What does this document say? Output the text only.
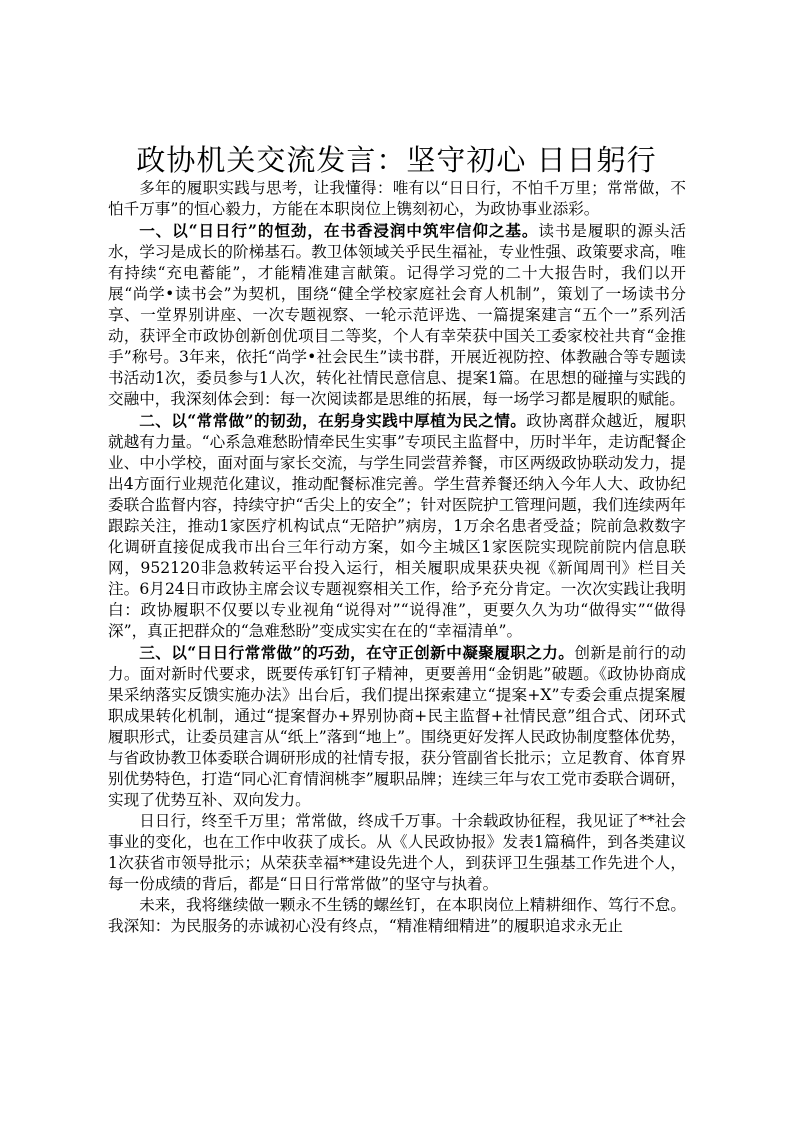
政协机关交流发言：坚守初心 日日躬行

多年的履职实践与思考，让我懂得：唯有以“日日行，不怕千万里；常常做，不怕千万事”的恒心毅力，方能在本职岗位上镌刻初心，为政协事业添彩。

一、以“日日行”的恒劲，在书香浸润中筑牢信仰之基。读书是履职的源头活水，学习是成长的阶梯基石。教卫体领域关乎民生福祉，专业性强、政策要求高，唯有持续“充电蓄能”，才能精准建言献策。记得学习党的二十大报告时，我们以开展“尚学•读书会”为契机，围绕“健全学校家庭社会育人机制”，策划了一场读书分享、一堂界别讲座、一次专题视察、一轮示范评选、一篇提案建言“五个一”系列活动，获评全市政协创新创优项目二等奖，个人有幸荣获中国关工委家校社共育“金推手”称号。3年来，依托“尚学•社会民生”读书群，开展近视防控、体教融合等专题读书活动1次，委员参与1人次，转化社情民意信息、提案1篇。在思想的碰撞与实践的交融中，我深刻体会到：每一次阅读都是思维的拓展，每一场学习都是履职的赋能。

二、以“常常做”的韧劲，在躬身实践中厚植为民之情。政协离群众越近，履职就越有力量。“心系急难愁盼情牵民生实事”专项民主监督中，历时半年，走访配餐企业、中小学校，面对面与家长交流，与学生同尝营养餐，市区两级政协联动发力，提出4方面行业规范化建议，推动配餐标准完善。学生营养餐还纳入今年人大、政协纪委联合监督内容，持续守护“舌尖上的安全”；针对医院护工管理问题，我们连续两年跟踪关注，推动1家医疗机构试点“无陪护”病房，1万余名患者受益；院前急救数字化调研直接促成我市出台三年行动方案，如今主城区1家医院实现院前院内信息联网，952120非急救转运平台投入运行，相关履职成果获央视《新闻周刊》栏目关注。6月24日市政协主席会议专题视察相关工作，给予充分肯定。一次次实践让我明白：政协履职不仅要以专业视角“说得对”“说得准”，更要久久为功“做得实”“做得深”，真正把群众的“急难愁盼”变成实实在在的“幸福清单”。

三、以“日日行常常做”的巧劲，在守正创新中凝聚履职之力。创新是前行的动力。面对新时代要求，既要传承钉钉子精神，更要善用“金钥匙”破题。《政协协商成果采纳落实反馈实施办法》出台后，我们提出探索建立“提案+X”专委会重点提案履职成果转化机制，通过“提案督办+界别协商+民主监督+社情民意”组合式、闭环式履职形式，让委员建言从“纸上”落到“地上”。围绕更好发挥人民政协制度整体优势，与省政协教卫体委联合调研形成的社情专报，获分管副省长批示；立足教育、体育界别优势特色，打造“同心汇育情润桃李”履职品牌；连续三年与农工党市委联合调研，实现了优势互补、双向发力。

日日行，终至千万里；常常做，终成千万事。十余载政协征程，我见证了**社会事业的变化，也在工作中收获了成长。从《人民政协报》发表1篇稿件，到各类建议1次获省市领导批示；从荣获幸福**建设先进个人，到获评卫生强基工作先进个人，每一份成绩的背后，都是“日日行常常做”的坚守与执着。

未来，我将继续做一颗永不生锈的螺丝钉，在本职岗位上精耕细作、笃行不怠。我深知：为民服务的赤诚初心没有终点，“精准精细精进”的履职追求永无止
